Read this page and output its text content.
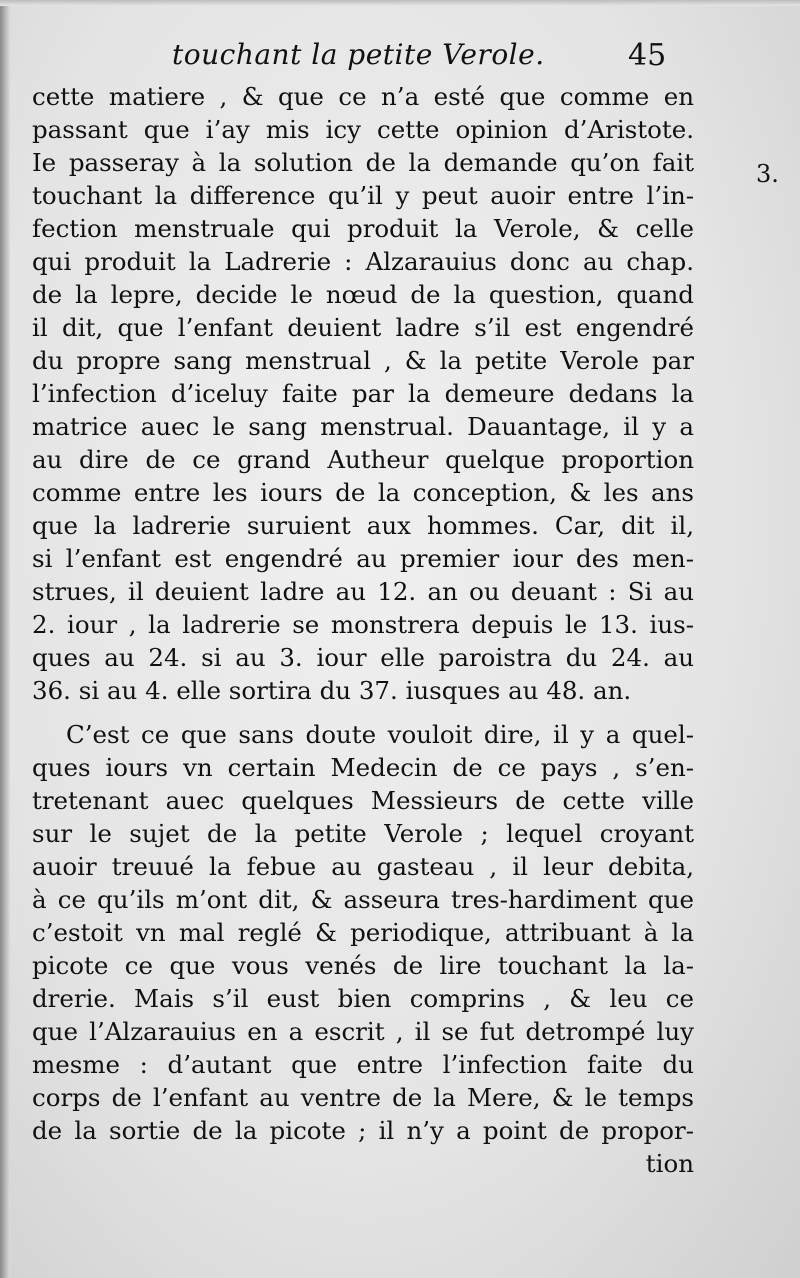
touchant la petite Verole.	45
3.
cette matiere , & que ce n’a esté que comme en
passant que i’ay mis icy cette opinion d’Aristote.
Ie passeray à la solution de la demande qu’on fait
touchant la difference qu’il y peut auoir entre l’in-
fection menstruale qui produit la Verole, & celle
qui produit la Ladrerie : Alzarauius donc au chap.
de la lepre, decide le nœud de la question, quand
il dit, que l’enfant deuient ladre s’il est engendré
du propre sang menstrual , & la petite Verole par
l’infection d’iceluy faite par la demeure dedans la
matrice auec le sang menstrual. Dauantage, il y a
au dire de ce grand Autheur quelque proportion
comme entre les iours de la conception, & les ans
que la ladrerie suruient aux hommes. Car, dit il,
si l’enfant est engendré au premier iour des men-
strues, il deuient ladre au 12. an ou deuant : Si au
2. iour , la ladrerie se monstrera depuis le 13. ius-
ques au 24. si au 3. iour elle paroistra du 24. au
36. si au 4. elle sortira du 37. iusques au 48. an.
C’est ce que sans doute vouloit dire, il y a quel-
ques iours vn certain Medecin de ce pays , s’en-
tretenant auec quelques Messieurs de cette ville
sur le sujet de la petite Verole ; lequel croyant
auoir treuué la febue au gasteau , il leur debita,
à ce qu’ils m’ont dit, & asseura tres-hardiment que
c’estoit vn mal reglé & periodique, attribuant à la
picote ce que vous venés de lire touchant la la-
drerie. Mais s’il eust bien comprins , & leu ce
que l’Alzarauius en a escrit , il se fut detrompé luy
mesme : d’autant que entre l’infection faite du
corps de l’enfant au ventre de la Mere, & le temps
de la sortie de la picote ; il n’y a point de propor-
tion
